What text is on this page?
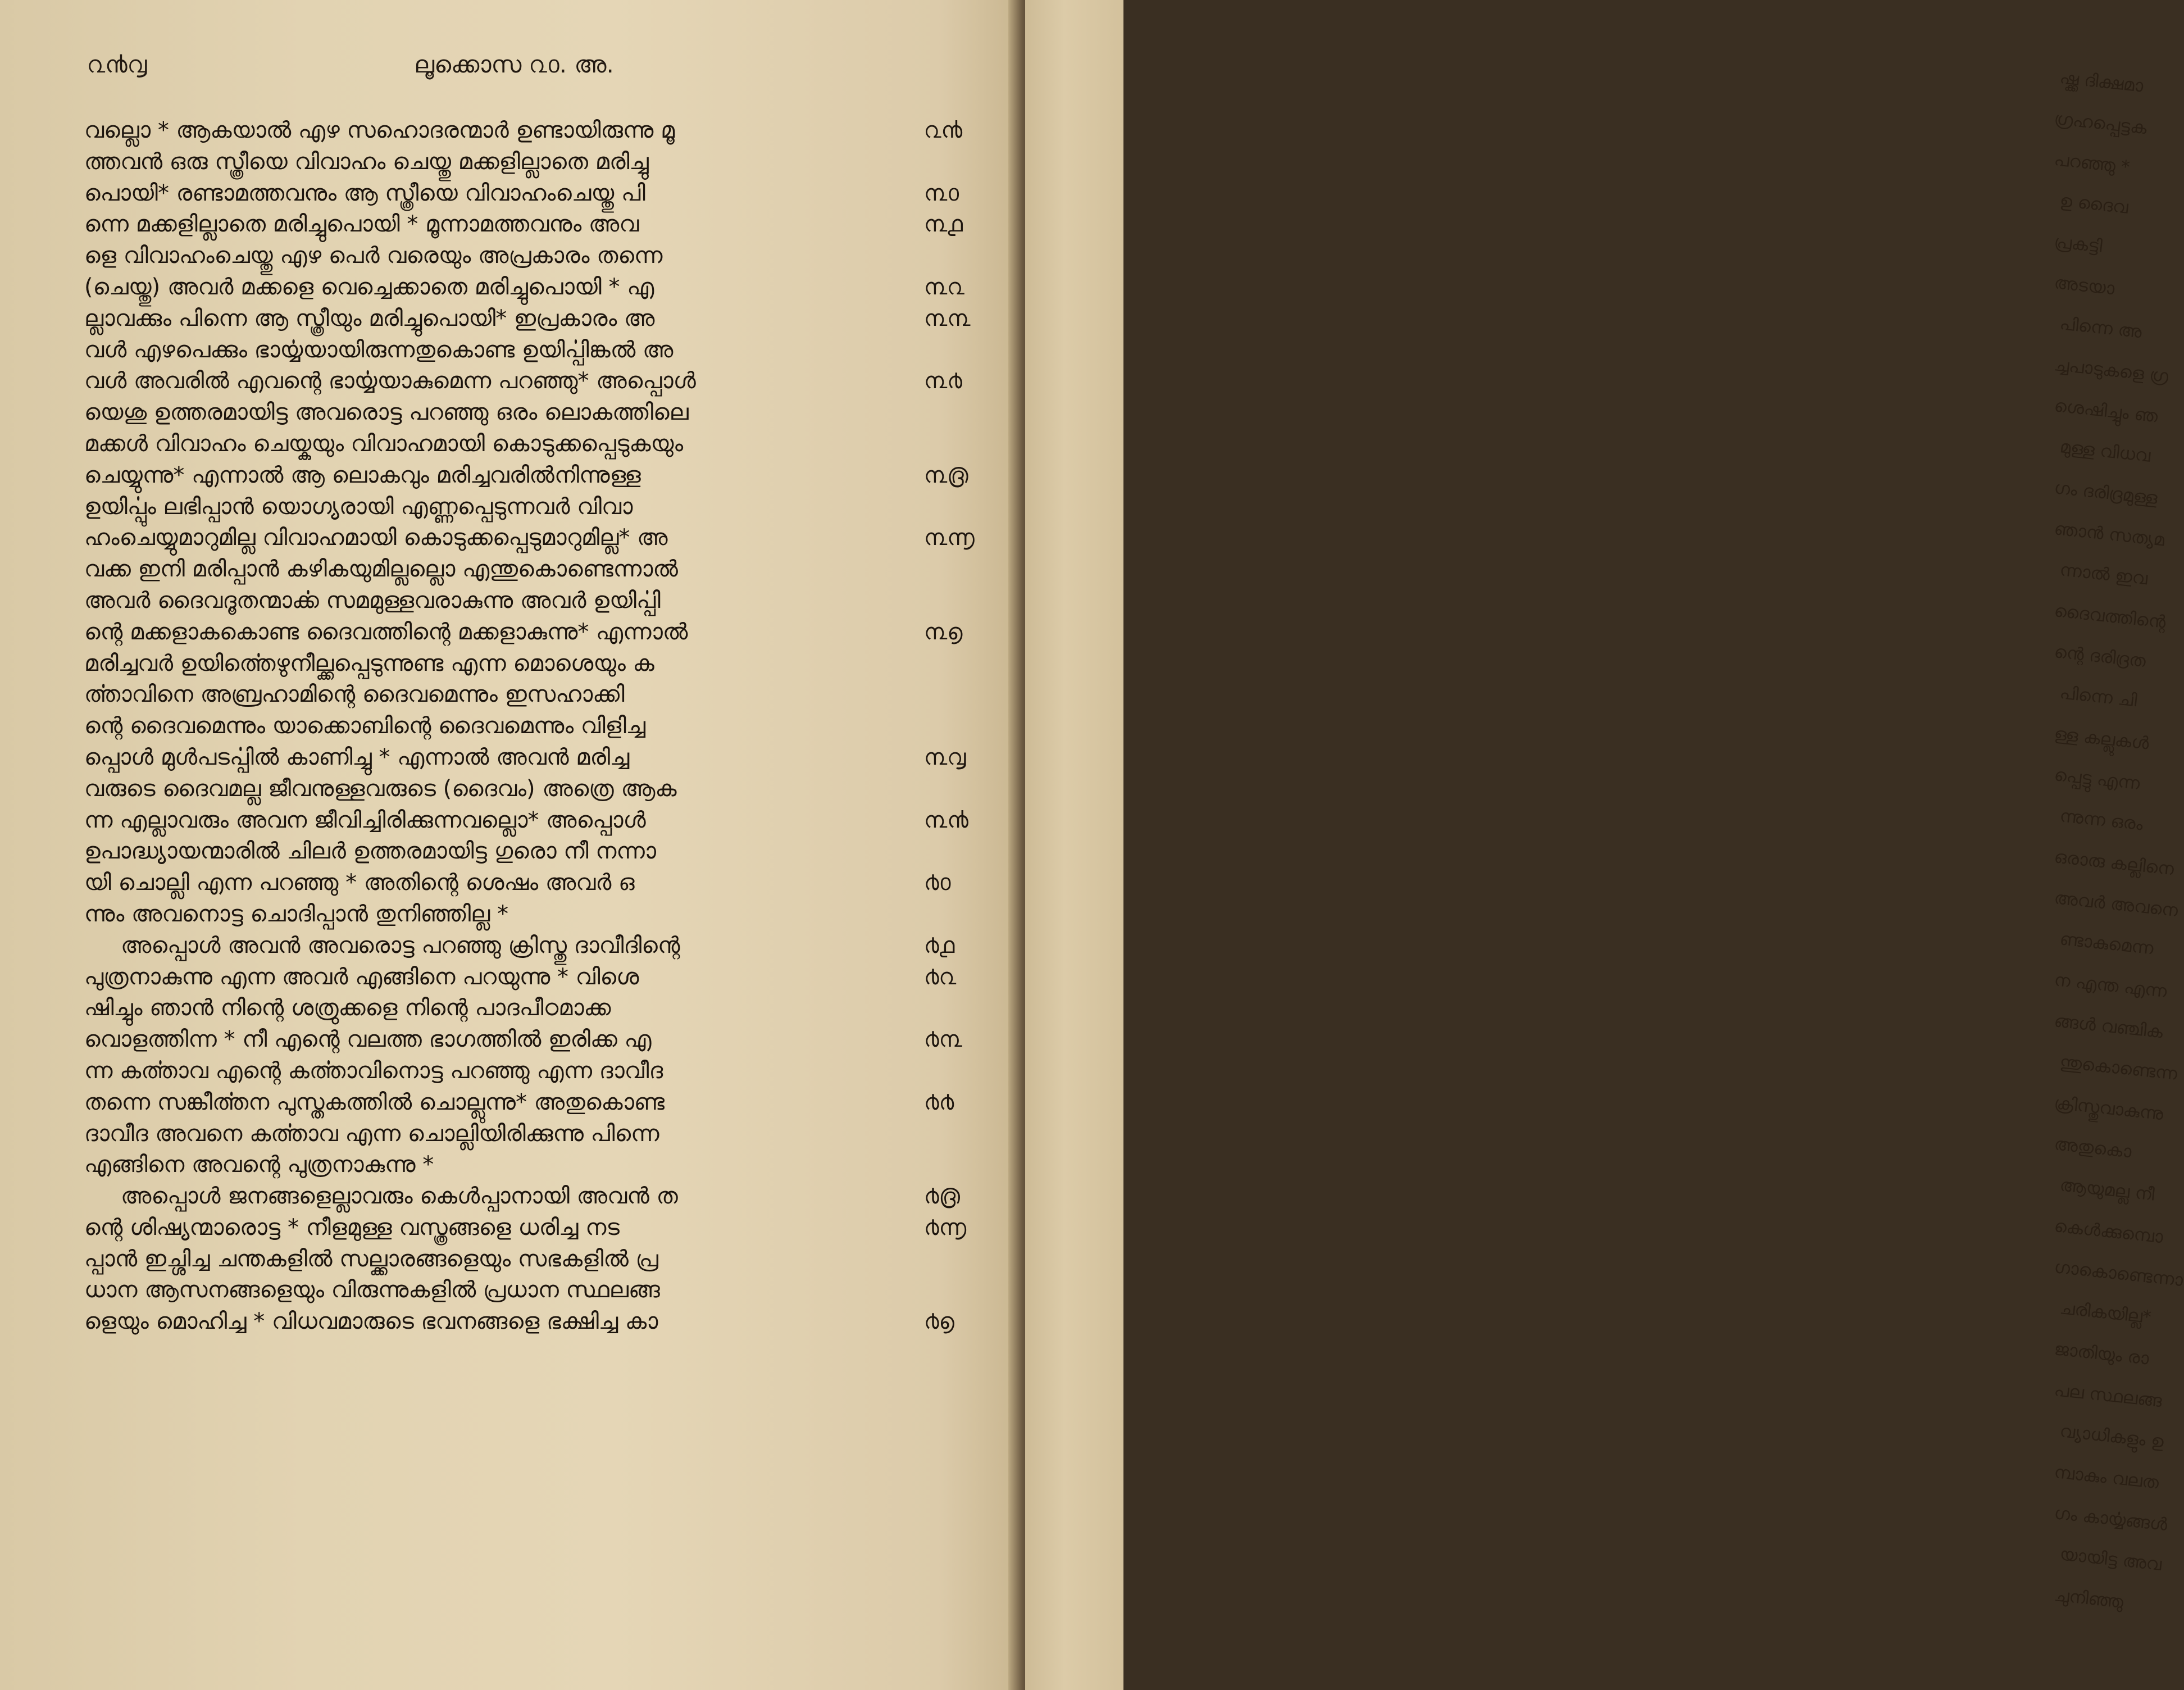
൨൯൮	ലൂക്കൊസ ൨൦. അ.
വല്ലൊ * ആകയാൽ എഴ സഹൊദരന്മാർ ഉണ്ടായിരുന്നു മൂ	൨൯
ത്തവൻ ഒരു സ്ത്രീയെ വിവാഹം ചെയ്തു മക്കളില്ലാതെ മരിച്ചു
പൊയി* രണ്ടാമത്തവനും ആ സ്ത്രീയെ വിവാഹംചെയ്തു പി	൩൦
ന്നെ മക്കളില്ലാതെ മരിച്ചുപൊയി * മൂന്നാമത്തവനും അവ	൩൧
ളെ വിവാഹംചെയ്തു എഴ പെർ വരെയും അപ്രകാരം തന്നെ
(ചെയ്തു) അവർ മക്കളെ വെച്ചെക്കാതെ മരിച്ചുപൊയി * എ	൩൨
ല്ലാവക്കും പിന്നെ ആ സ്ത്രീയും മരിച്ചുപൊയി* ഇപ്രകാരം അ	൩൩
വൾ എഴപെക്കും ഭാൎയ്യയായിരുന്നതുകൊണ്ട ഉയിൎപ്പിങ്കൽ അ
വൾ അവരിൽ എവന്റെ ഭാൎയ്യയാകുമെന്ന പറഞ്ഞു* അപ്പൊൾ	൩൪
യെശു ഉത്തരമായിട്ട അവരൊട്ട പറഞ്ഞു ഒരം ലൊകത്തിലെ
മക്കൾ വിവാഹം ചെയ്കയും വിവാഹമായി കൊടുക്കപ്പെടുകയും
ചെയ്യുന്നു* എന്നാൽ ആ ലൊകവും മരിച്ചവരിൽനിന്നുള്ള	൩൫
ഉയിൎപ്പും ലഭിപ്പാൻ യൊഗ്യരായി എണ്ണപ്പെടുന്നവർ വിവാ
ഹംചെയ്യുമാറുമില്ല വിവാഹമായി കൊടുക്കപ്പെടുമാറുമില്ല* അ	൩൬
വക്ക ഇനി മരിപ്പാൻ കഴികയുമില്ലല്ലൊ എന്തുകൊണ്ടെന്നാൽ
അവർ ദൈവദൂതന്മാൎക്ക സമമുള്ളവരാകുന്നു അവർ ഉയിൎപ്പി
ന്റെ മക്കളാകകൊണ്ട ദൈവത്തിന്റെ മക്കളാകുന്നു* എന്നാൽ	൩൭
മരിച്ചവർ ഉയിൎത്തെഴുനീല്ക്കപ്പെടുന്നുണ്ട എന്ന മൊശെയും ക
ൎത്താവിനെ അബ്രഹാമിന്റെ ദൈവമെന്നും ഇസഹാക്കി
ന്റെ ദൈവമെന്നും യാക്കൊബിന്റെ ദൈവമെന്നും വിളിച്ച
പ്പൊൾ മുൾപടൎപ്പിൽ കാണിച്ചു * എന്നാൽ അവൻ മരിച്ച	൩൮
വരുടെ ദൈവമല്ല ജീവനുള്ളവരുടെ (ദൈവം) അത്രെ ആക
ന്ന എല്ലാവരും അവന ജീവിച്ചിരിക്കുന്നവല്ലൊ* അപ്പൊൾ	൩൯
ഉപാദ്ധ്യായന്മാരിൽ ചിലർ ഉത്തരമായിട്ട ഗുരൊ നീ നന്നാ
യി ചൊല്ലി എന്ന പറഞ്ഞു * അതിന്റെ ശെഷം അവർ ഒ	൪൦
ന്നും അവനൊട്ട ചൊദിപ്പാൻ തുനിഞ്ഞില്ല *
അപ്പൊൾ അവൻ അവരൊട്ട പറഞ്ഞു ക്രിസ്തു ദാവീദിന്റെ	൪൧
പുത്രനാകുന്നു എന്ന അവർ എങ്ങിനെ പറയുന്നു * വിശെ	൪൨
ഷിച്ചും ഞാൻ നിന്റെ ശത്രുക്കളെ നിന്റെ പാദപീഠമാക്ക
വൊളത്തിന്ന * നീ എന്റെ വലത്ത ഭാഗത്തിൽ ഇരിക്ക എ	൪൩
ന്ന കൎത്താവ എന്റെ കൎത്താവിനൊട്ട പറഞ്ഞു എന്ന ദാവീദ
തന്നെ സങ്കീൎത്തന പുസ്തകത്തിൽ ചൊല്ലുന്നു* അതുകൊണ്ട	൪൪
ദാവീദ അവനെ കൎത്താവ എന്ന ചൊല്ലിയിരിക്കുന്നു പിന്നെ
എങ്ങിനെ അവന്റെ പുത്രനാകുന്നു *
അപ്പൊൾ ജനങ്ങളെല്ലാവരും കെൾപ്പാനായി അവൻ ത	൪൫
ന്റെ ശിഷ്യന്മാരൊട്ട * നീളമുള്ള വസ്ത്രങ്ങളെ ധരിച്ച നട	൪൬
പ്പാൻ ഇച്ശിച്ച ചന്തകളിൽ സല്ക്കാരങ്ങളെയും സഭകളിൽ പ്ര
ധാന ആസനങ്ങളെയും വിരുന്നുകളിൽ പ്രധാന സ്ഥലങ്ങ
ളെയും മൊഹിച്ച * വിധവമാരുടെ ഭവനങ്ങളെ ഭക്ഷിച്ച കാ	൪൭
ഷ്ക്ക ദിക്ഷമാ
ഗ്രഹപ്പെട്ടക
പറഞ്ഞു *
ഉ ദൈവ
പ്രകട്ടി
അടയാ
പിന്നെ അ
ച്ചപാടുകളെ ഗ്ര
ശെഷിച്ചും ഞ
മുള്ള വിധവ
ഗം ദരിദ്രമുള്ള
ഞാൻ സത്യമ
ന്നാൽ ഇവ
ദൈവത്തിന്റെ
ന്റെ ദരിദ്രത
പിന്നെ ചി
ള്ള കല്ലുകൾ
പ്പെട്ടു എന്ന
ന്നുന്ന ഒരം
ഒരാരു കല്ലിനെ
അവർ അവനെ
ണ്ടാകുമെന്ന
ന എന്ത എന്ന
ങ്ങൾ വഞ്ചിക
ന്തുകൊണ്ടെന്ന
ക്രിസ്തുവാകുന്നു
അതുകൊ
ആയുമല്ല നീ
കെൾക്കുമ്പൊ
ഗാകൊണ്ടെന്നാ
ചരികയില്ല*
ജാതിയും രാ
പല സ്ഥലങ്ങ
വ്യാധികളും ഉ
മ്പാകും വലത
ഗം കാൎയ്യങ്ങൾ
യായിട്ട അവ
ചുനിഞ്ഞു
